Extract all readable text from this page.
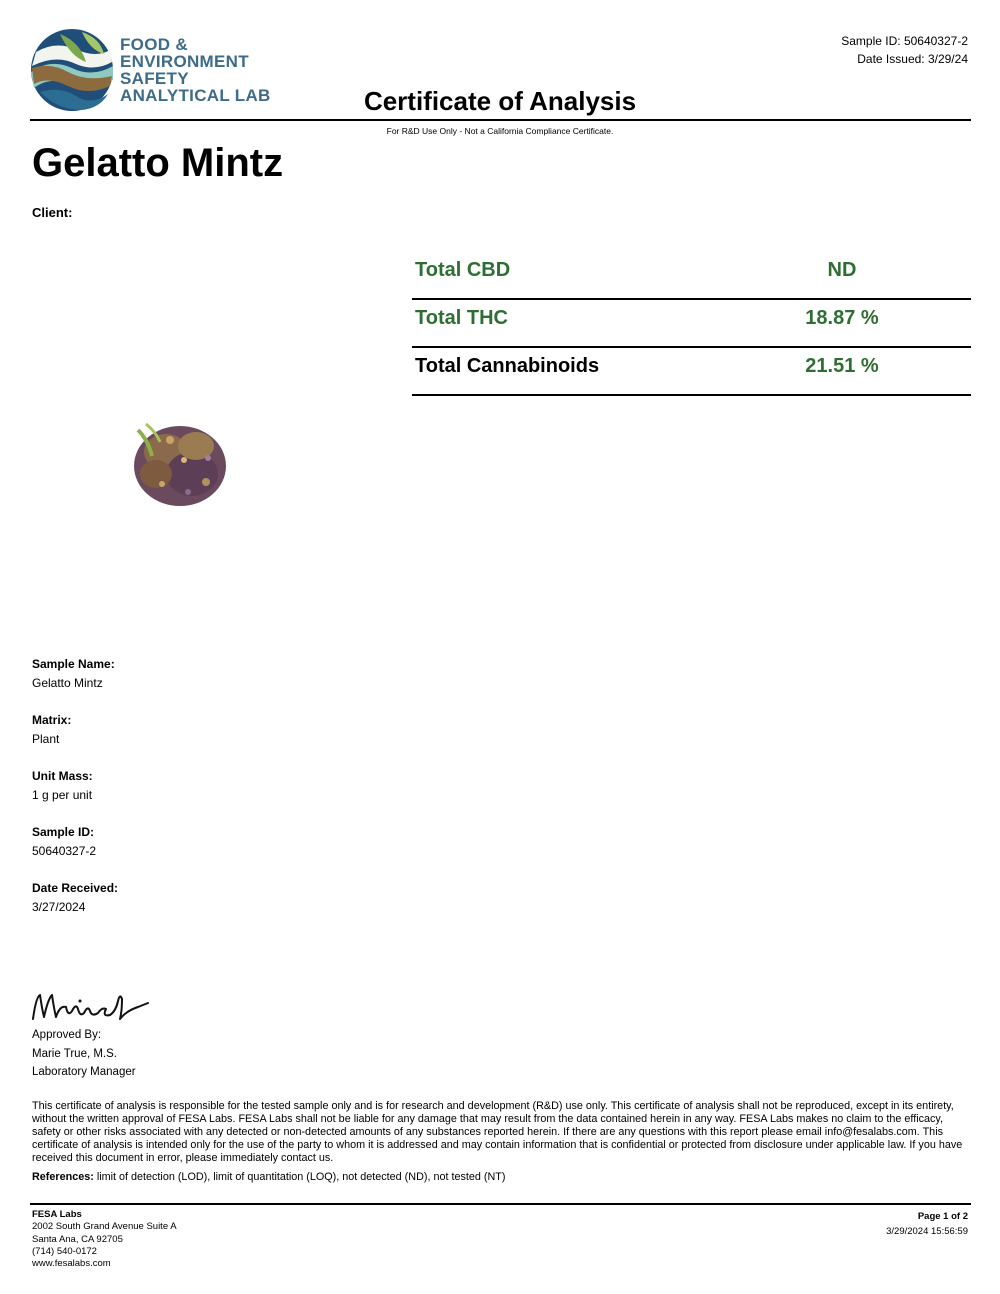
FOOD &
ENVIRONMENT
SAFETY
ANALYTICAL LAB	Certificate of Analysis
Sample ID: 50640327-2
Date Issued: 3/29/24
For R&D Use Only - Not a California Compliance Certificate.
Gelatto Mintz
Client:
Total CBD	ND
Total THC	18.87 %
Total Cannabinoids	21.51 %
Sample Name:
Gelatto Mintz
Matrix:
Plant
Unit Mass:
1 g per unit
Sample ID:
50640327-2
Date Received:
3/27/2024
Approved By:
Marie True, M.S.
Laboratory Manager
This certificate of analysis is responsible for the tested sample only and is for research and development (R&D) use only. This certificate of analysis shall not be reproduced, except in its entirety, without the written approval of FESA Labs. FESA Labs shall not be liable for any damage that may result from the data contained herein in any way. FESA Labs makes no claim to the efficacy, safety or other risks associated with any detected or non-detected amounts of any substances reported herein. If there are any questions with this report please email info@fesalabs.com. This certificate of analysis is intended only for the use of the party to whom it is addressed and may contain information that is confidential or protected from disclosure under applicable law. If you have received this document in error, please immediately contact us.
References: limit of detection (LOD), limit of quantitation (LOQ), not detected (ND), not tested (NT)
FESA Labs
2002 South Grand Avenue Suite A
Santa Ana, CA 92705
(714) 540-0172
www.fesalabs.com
Page 1 of 2
3/29/2024 15:56:59
